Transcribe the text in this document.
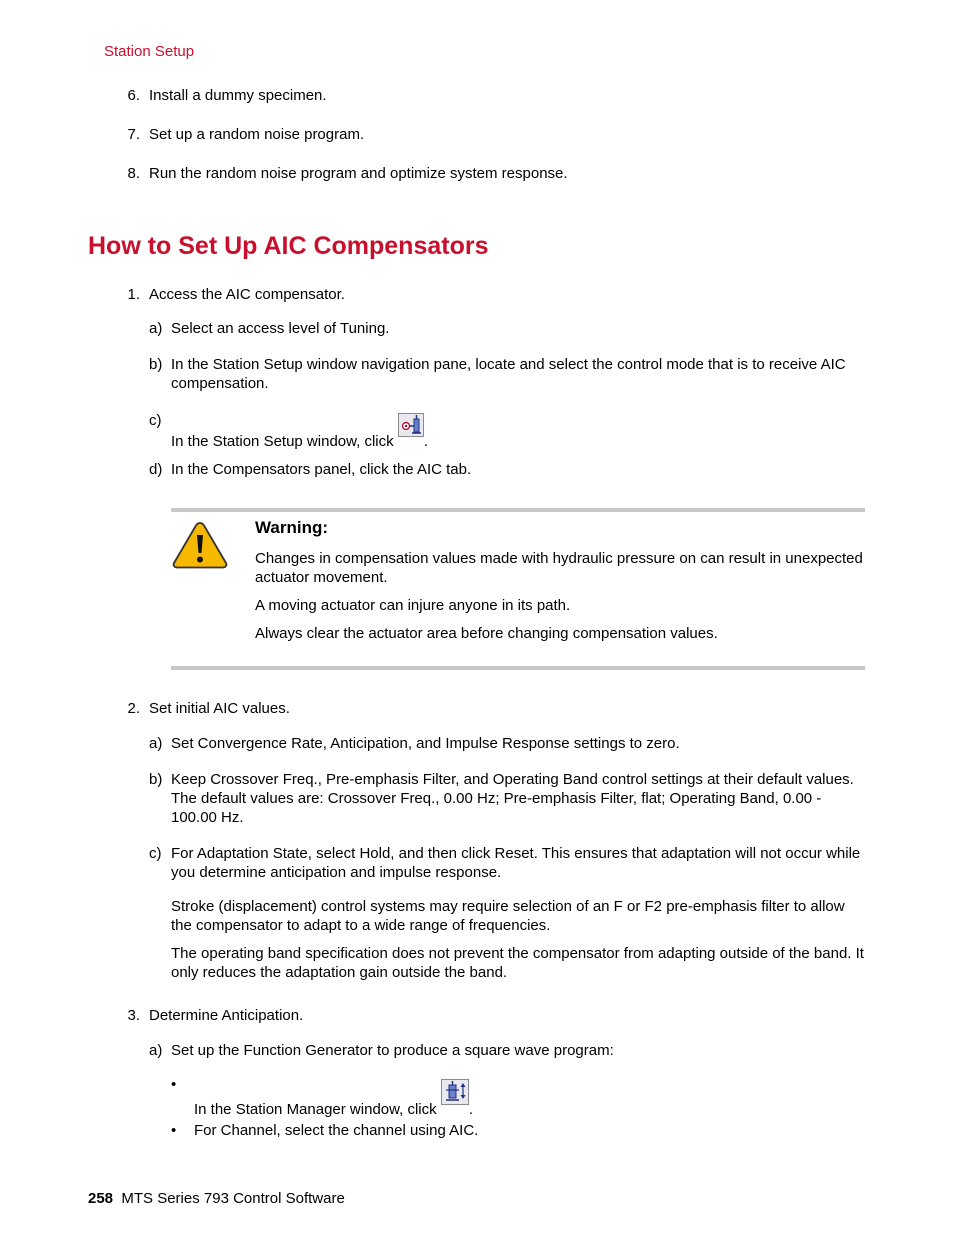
Station Setup
6. Install a dummy specimen.
7. Set up a random noise program.
8. Run the random noise program and optimize system response.
How to Set Up AIC Compensators
1. Access the AIC compensator.
a) Select an access level of Tuning.
b) In the Station Setup window navigation pane, locate and select the control mode that is to receive AIC compensation.
c)
In the Station Setup window, click .
d) In the Compensators panel, click the AIC tab.
Warning:
Changes in compensation values made with hydraulic pressure on can result in unexpected actuator movement.
A moving actuator can injure anyone in its path.
Always clear the actuator area before changing compensation values.
2. Set initial AIC values.
a) Set Convergence Rate, Anticipation, and Impulse Response settings to zero.
b) Keep Crossover Freq., Pre-emphasis Filter, and Operating Band control settings at their default values. The default values are: Crossover Freq., 0.00 Hz; Pre-emphasis Filter, flat; Operating Band, 0.00 - 100.00 Hz.
c) For Adaptation State, select Hold, and then click Reset. This ensures that adaptation will not occur while you determine anticipation and impulse response.
Stroke (displacement) control systems may require selection of an F or F2 pre-emphasis filter to allow the compensator to adapt to a wide range of frequencies.
The operating band specification does not prevent the compensator from adapting outside of the band. It only reduces the adaptation gain outside the band.
3. Determine Anticipation.
a) Set up the Function Generator to produce a square wave program:
•
In the Station Manager window, click .
• For Channel, select the channel using AIC.
258 MTS Series 793 Control Software
